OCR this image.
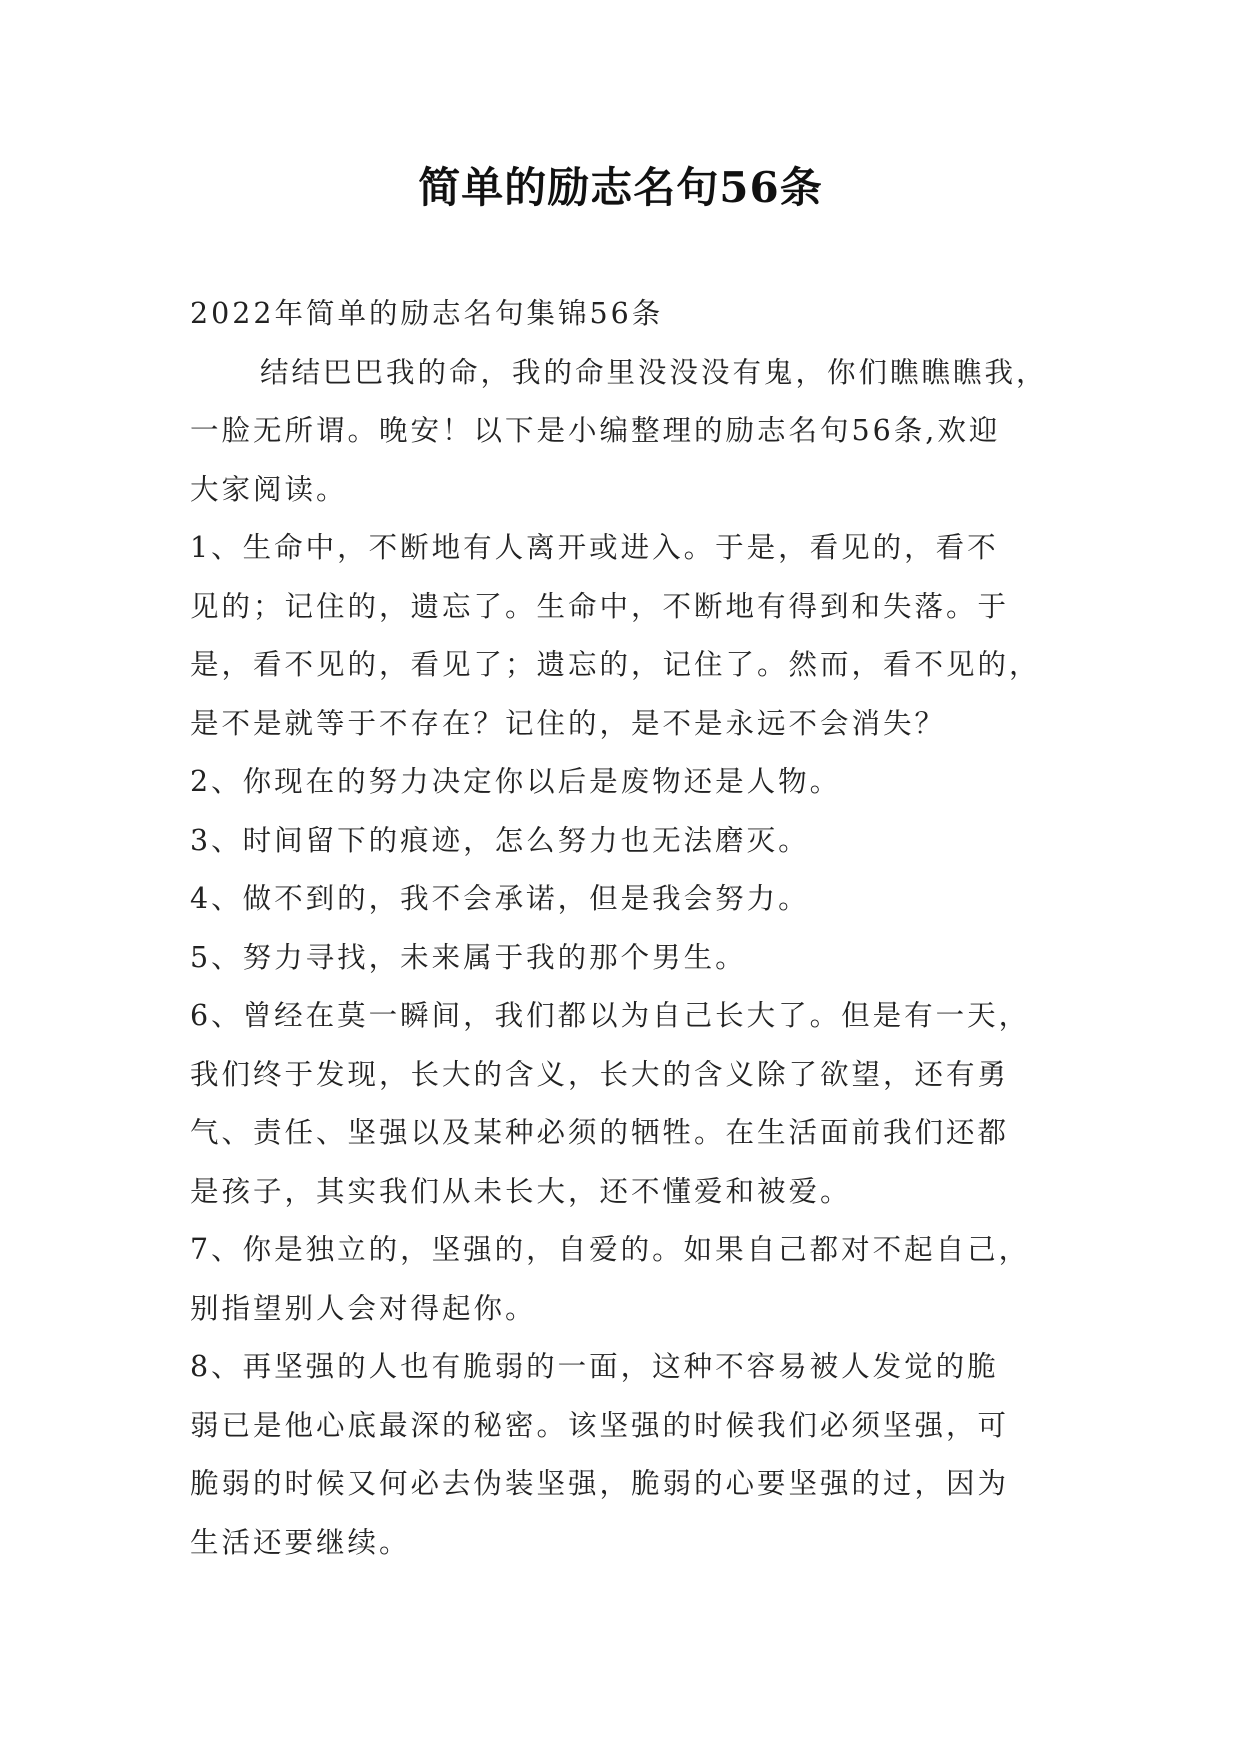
简单的励志名句56条

2022年简单的励志名句集锦56条

结结巴巴我的命，我的命里没没没有鬼，你们瞧瞧瞧我，
一脸无所谓。晚安！以下是小编整理的励志名句56条,欢迎
大家阅读。

1、生命中，不断地有人离开或进入。于是，看见的，看不
见的；记住的，遗忘了。生命中，不断地有得到和失落。于
是，看不见的，看见了；遗忘的，记住了。然而，看不见的，
是不是就等于不存在？记住的，是不是永远不会消失？

2、你现在的努力决定你以后是废物还是人物。

3、时间留下的痕迹，怎么努力也无法磨灭。

4、做不到的，我不会承诺，但是我会努力。

5、努力寻找，未来属于我的那个男生。

6、曾经在莫一瞬间，我们都以为自己长大了。但是有一天，
我们终于发现，长大的含义，长大的含义除了欲望，还有勇
气、责任、坚强以及某种必须的牺牲。在生活面前我们还都
是孩子，其实我们从未长大，还不懂爱和被爱。

7、你是独立的，坚强的，自爱的。如果自己都对不起自己，
别指望别人会对得起你。

8、再坚强的人也有脆弱的一面，这种不容易被人发觉的脆
弱已是他心底最深的秘密。该坚强的时候我们必须坚强，可
脆弱的时候又何必去伪装坚强，脆弱的心要坚强的过，因为
生活还要继续。
